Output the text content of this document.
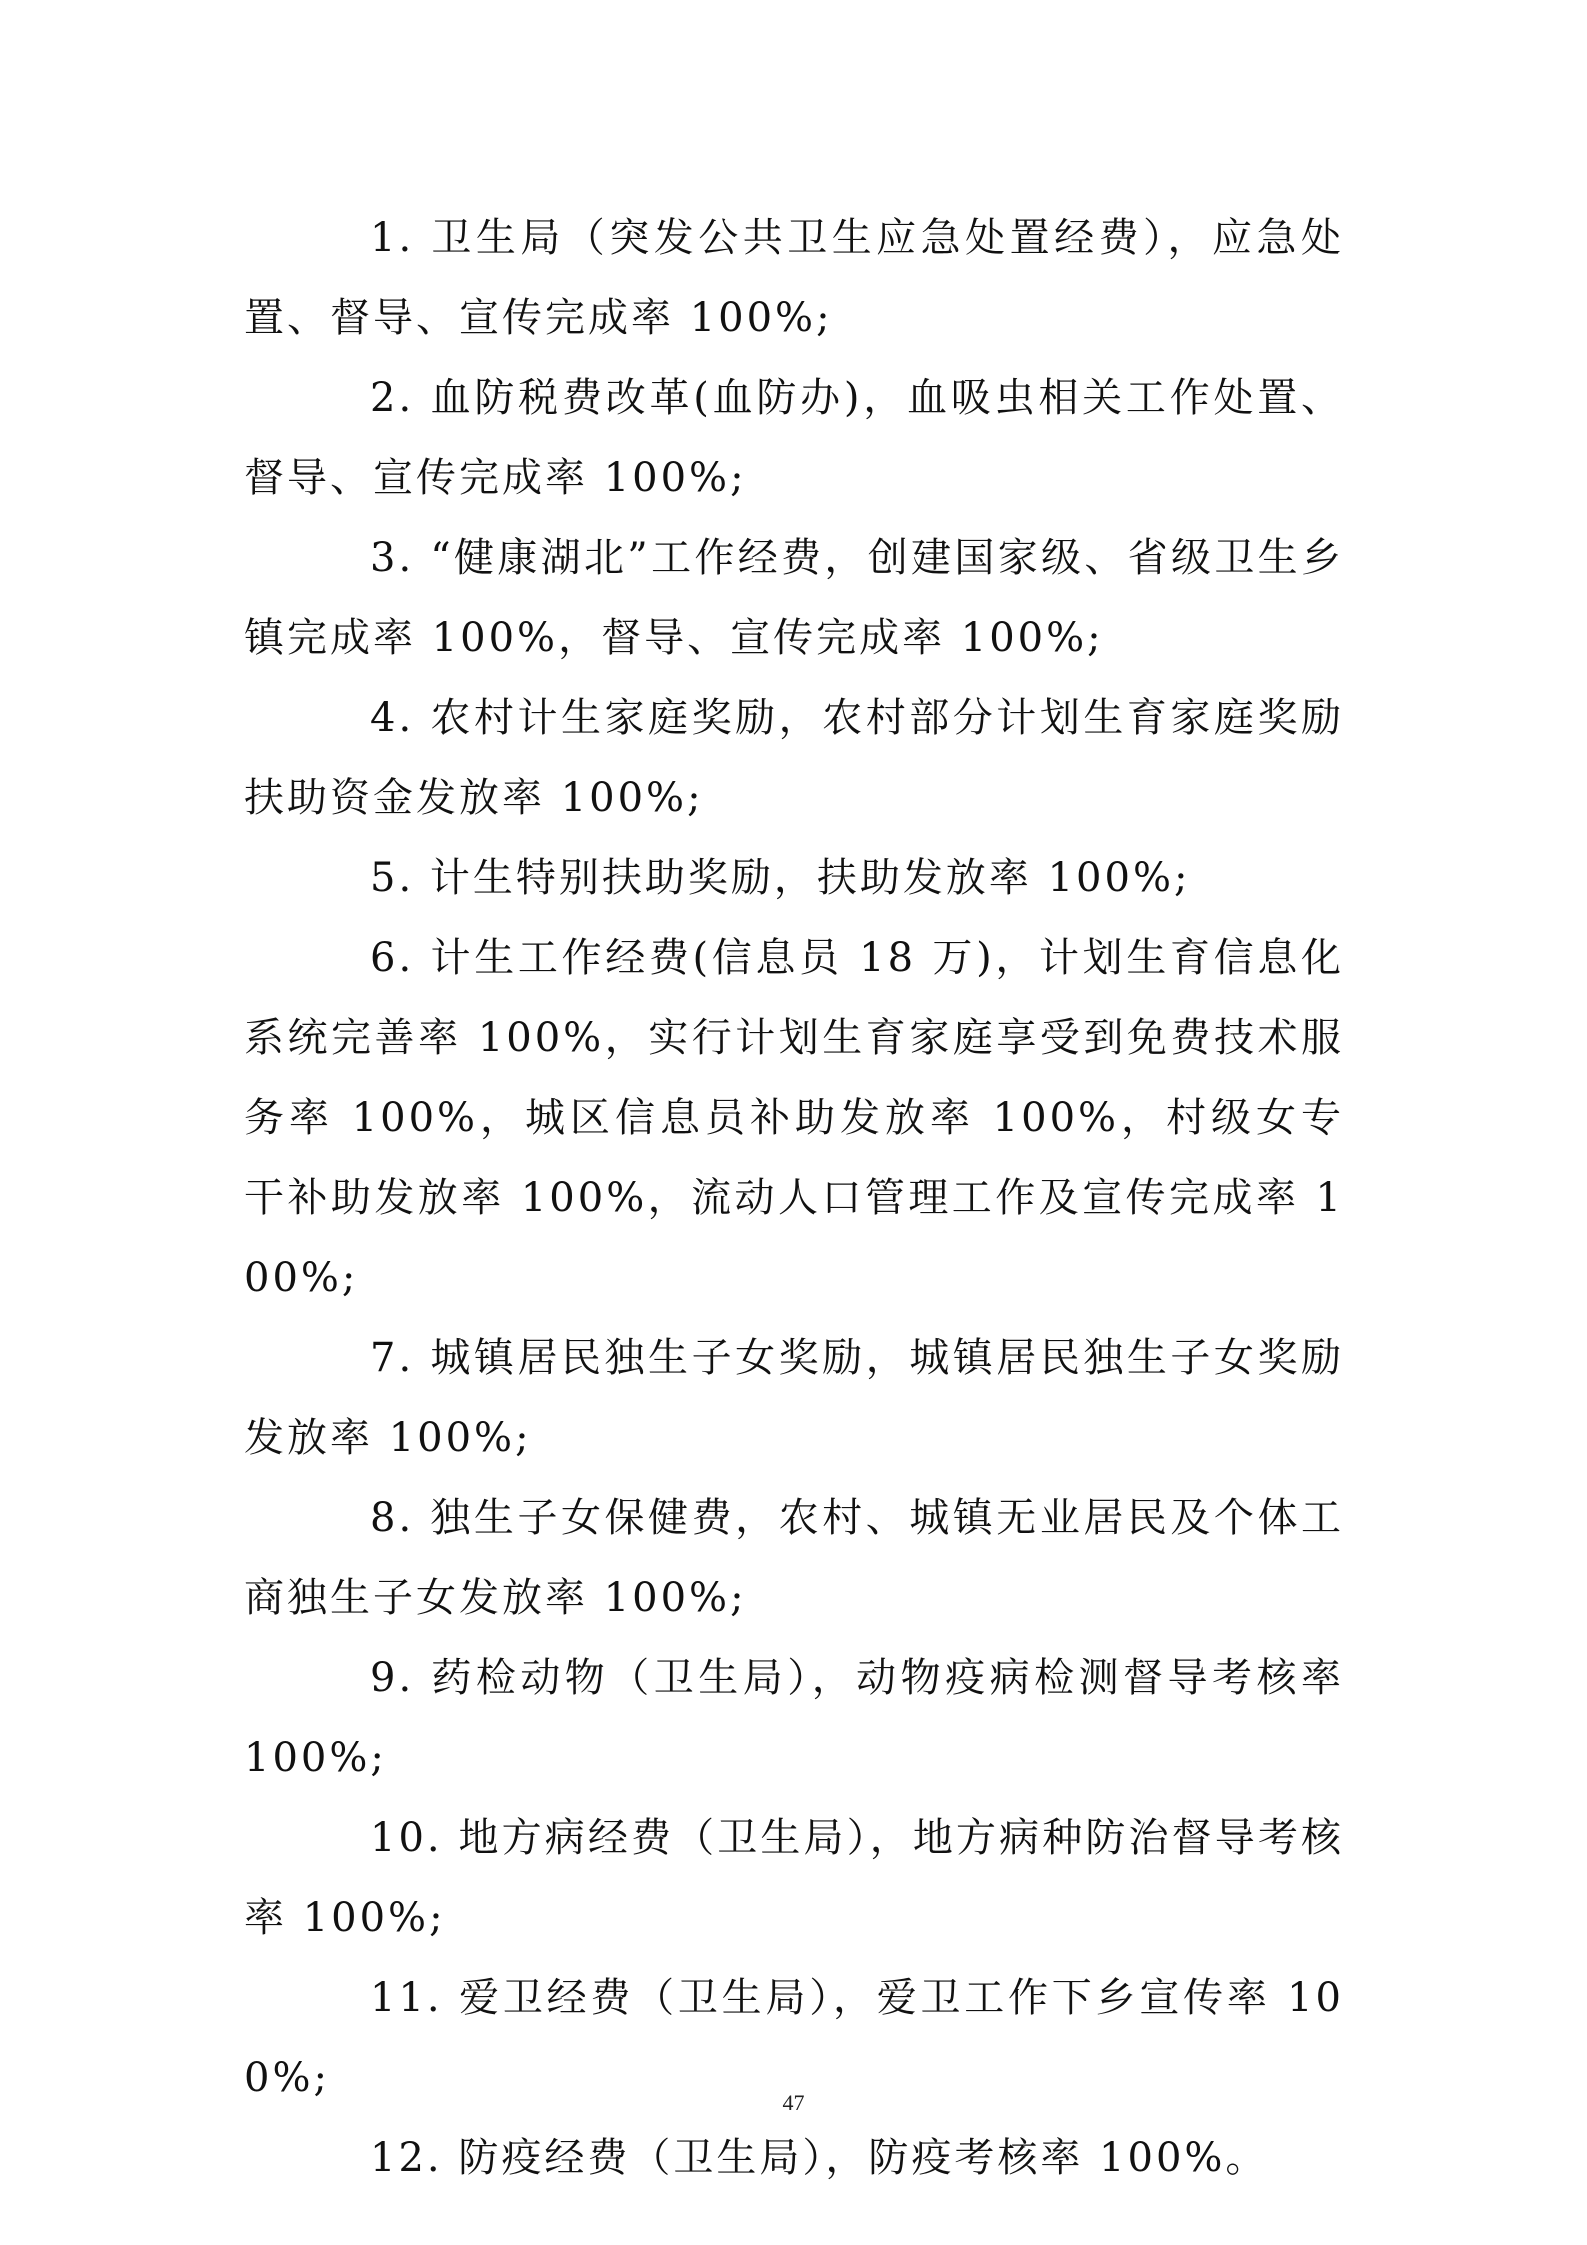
1. 卫生局（突发公共卫生应急处置经费），应急处置、督导、宣传完成率 100%;

2. 血防税费改革(血防办)，血吸虫相关工作处置、督导、宣传完成率 100%;

3. “健康湖北”工作经费，创建国家级、省级卫生乡镇完成率 100%，督导、宣传完成率 100%;

4. 农村计生家庭奖励，农村部分计划生育家庭奖励扶助资金发放率 100%;

5. 计生特别扶助奖励，扶助发放率 100%;

6. 计生工作经费(信息员 18 万)，计划生育信息化系统完善率 100%，实行计划生育家庭享受到免费技术服务率 100%，城区信息员补助发放率 100%，村级女专干补助发放率 100%，流动人口管理工作及宣传完成率 100%;

7. 城镇居民独生子女奖励，城镇居民独生子女奖励发放率 100%;

8. 独生子女保健费，农村、城镇无业居民及个体工商独生子女发放率 100%;

9. 药检动物（卫生局），动物疫病检测督导考核率 100%;

10. 地方病经费（卫生局），地方病种防治督导考核率 100%;

11. 爱卫经费（卫生局），爱卫工作下乡宣传率 100%;

12. 防疫经费（卫生局），防疫考核率 100%。

47
